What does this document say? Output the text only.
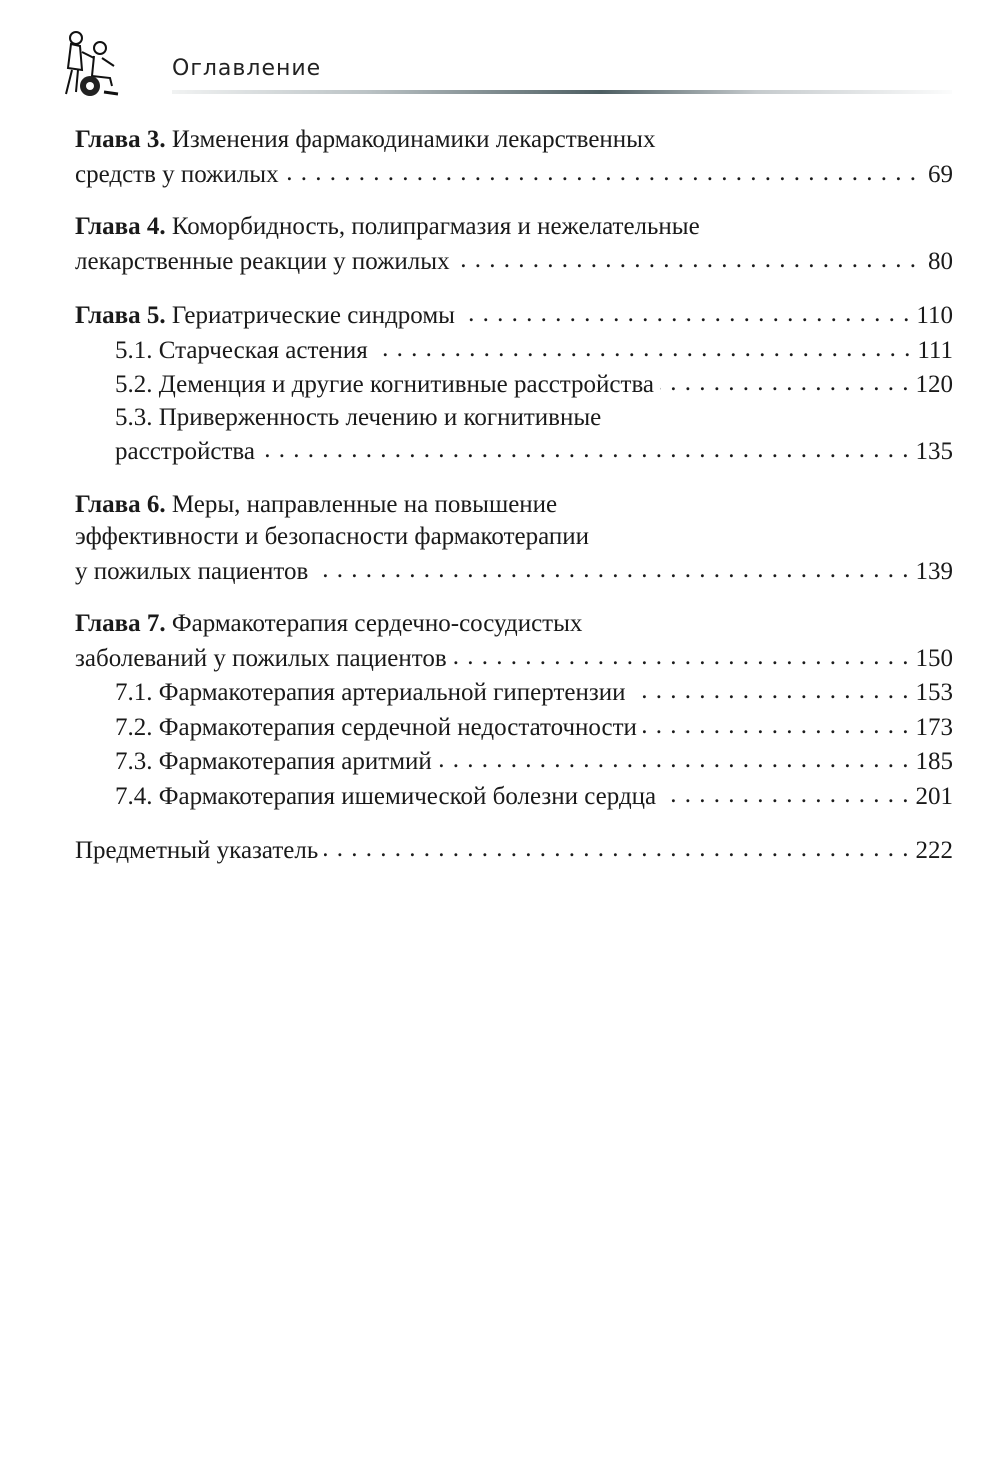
Оглавление
Глава 3.
Изменения фармакодинамики лекарственных
средств у пожилых . . .	69
Глава 4.
Коморбидность, полипрагмазия и нежелательные
лекарственные реакции у пожилых . . .	80
Глава 5.
Гериатрические синдромы . . .	110
5.1. Старческая астения . . .	111
5.2. Деменция и другие когнитивные расстройства . . .	120
5.3. Приверженность лечению и когнитивные
расстройства . . .	135
Глава 6.
Меры, направленные на повышение
эффективности и безопасности фармакотерапии
у пожилых пациентов . . .	139
Глава 7.
Фармакотерапия сердечно-сосудистых
заболеваний у пожилых пациентов . . .	150
7.1. Фармакотерапия артериальной гипертензии . . .	153
7.2. Фармакотерапия сердечной недостаточности . . .	173
7.3. Фармакотерапия аритмий . . .	185
7.4. Фармакотерапия ишемической болезни сердца . . .	201
Предметный указатель . . .	222
